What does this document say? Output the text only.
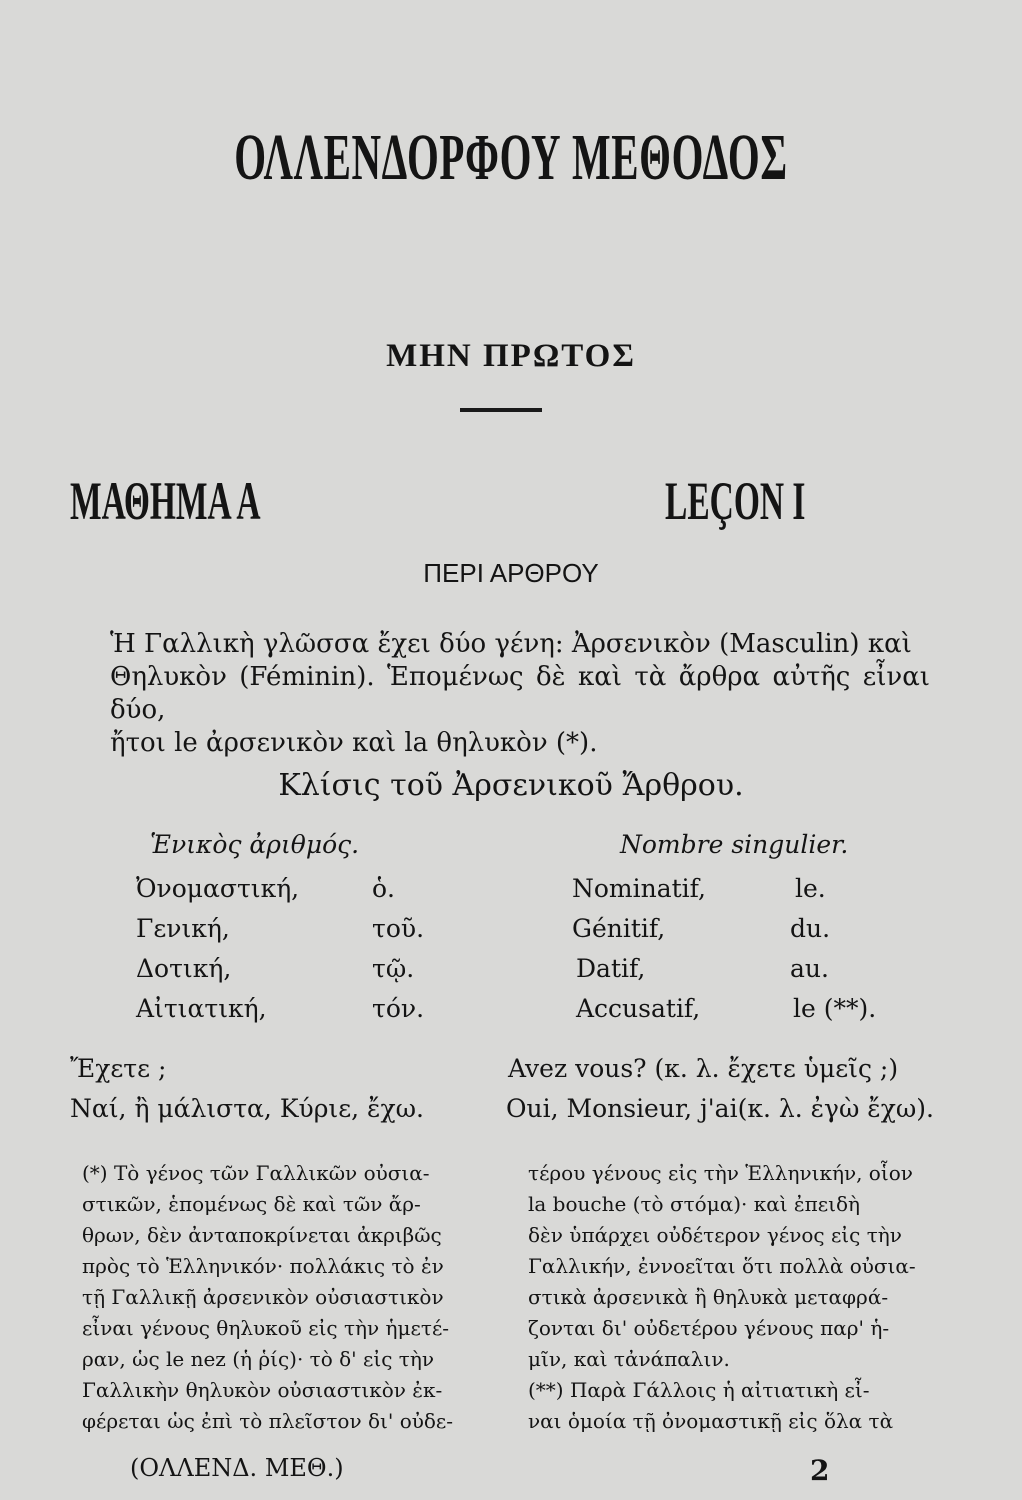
ΟΛΛΕΝΔΟΡΦΟΥ ΜΕΘΟΔΟΣ
ΜΗΝ ΠΡΩΤΟΣ
ΜΑΘΗΜΑ Α	LEÇON I
ΠΕΡΙ ΑΡΘΡΟΥ

Ἡ Γαλλικὴ γλῶσσα ἔχει δύο γένη: Ἀρσενικὸν (Masculin) καὶ

Θηλυκὸν (Féminin). Ἑπομένως δὲ καὶ τὰ ἄρθρα αὐτῆς εἶναι δύο,

ἤτοι le ἀρσενικὸν καὶ la θηλυκὸν (*).

Κλίσις τοῦ Ἀρσενικοῦ Ἄρθρου.
Ἑνικὸς ἀριθμός.	Nombre singulier.
Ὀνομαστική,	ὁ.	Nominatif,	le.
Γενική,	τοῦ.	Génitif,	du.
Δοτική,	τῷ.	Datif,	au.
Αἰτιατική,	τόν.	Accusatif,	le (**).
Ἔχετε ;	Avez vous? (κ. λ. ἔχετε ὑμεῖς ;)
Ναί, ἢ μάλιστα, Κύριε, ἔχω.	Oui, Monsieur, j'ai(κ. λ. ἐγὼ ἔχω).

(*) Τὸ γένος τῶν Γαλλικῶν οὐσια-

στικῶν, ἑπομένως δὲ καὶ τῶν ἄρ-

θρων, δὲν ἀνταποκρίνεται ἀκριβῶς

πρὸς τὸ Ἑλληνικόν· πολλάκις τὸ ἐν

τῇ Γαλλικῇ ἀρσενικὸν οὐσιαστικὸν

εἶναι γένους θηλυκοῦ εἰς τὴν ἡμετέ-

ραν, ὡς le nez (ἡ ῥίς)· τὸ δ' εἰς τὴν

Γαλλικὴν θηλυκὸν οὐσιαστικὸν ἐκ-

φέρεται ὡς ἐπὶ τὸ πλεῖστον δι' οὐδε-

τέρου γένους εἰς τὴν Ἑλληνικήν, οἷον

la bouche (τὸ στόμα)· καὶ ἐπειδὴ

δὲν ὑπάρχει οὐδέτερον γένος εἰς τὴν

Γαλλικήν, ἐννοεῖται ὅτι πολλὰ οὐσια-

στικὰ ἀρσενικὰ ἢ θηλυκὰ μεταφρά-

ζονται δι' οὐδετέρου γένους παρ' ἡ-

μῖν, καὶ τἀνάπαλιν.

(**) Παρὰ Γάλλοις ἡ αἰτιατικὴ εἶ-

ναι ὁμοία τῇ ὀνομαστικῇ εἰς ὅλα τὰ

(ΟΛΛΕΝΔ. ΜΕΘ.)	2
